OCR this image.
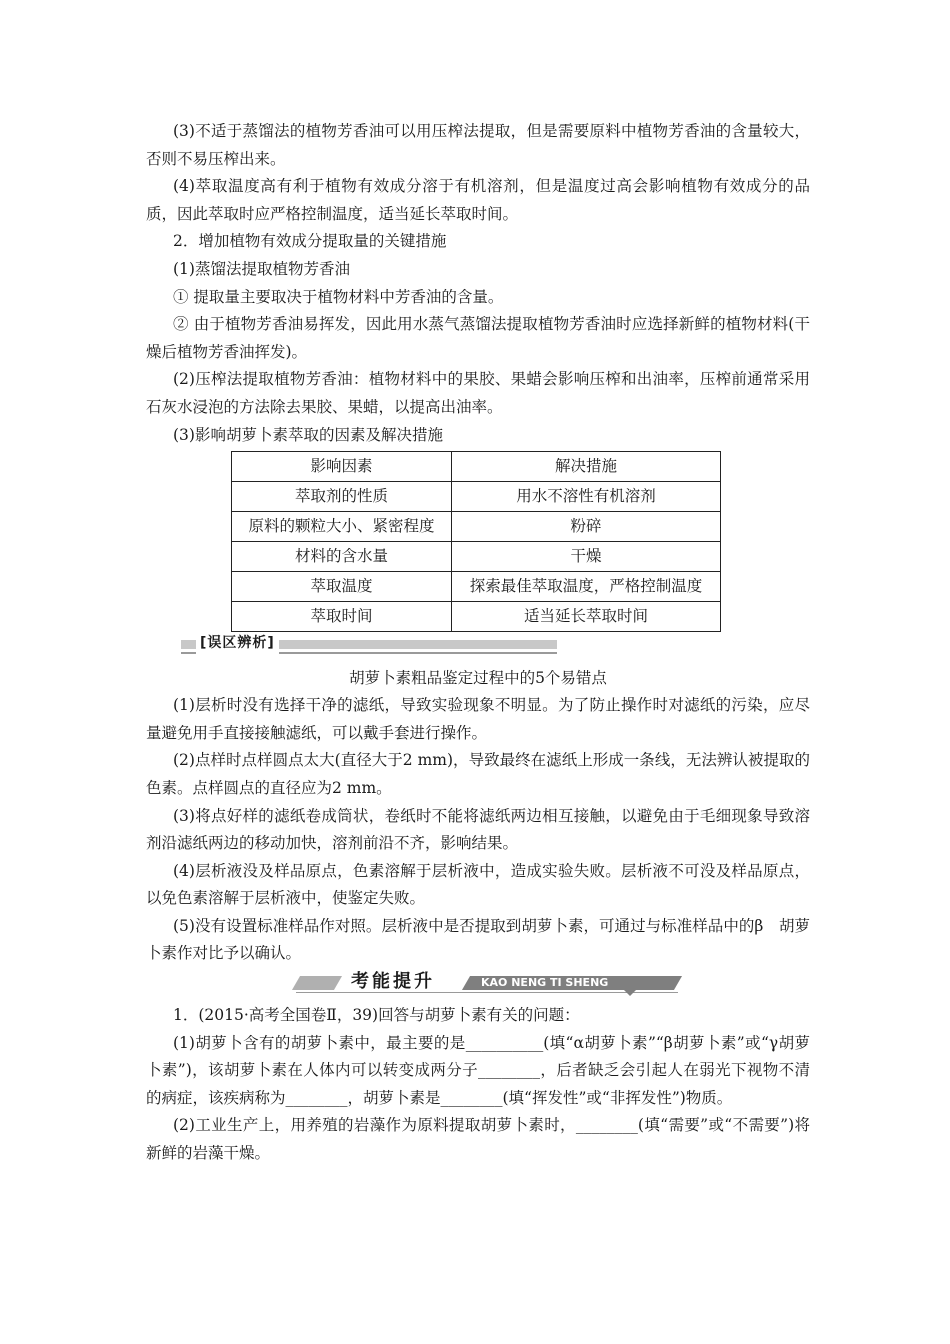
(3)不适于蒸馏法的植物芳香油可以用压榨法提取，但是需要原料中植物芳香油的含量较大，否则不易压榨出来。

(4)萃取温度高有利于植物有效成分溶于有机溶剂，但是温度过高会影响植物有效成分的品质，因此萃取时应严格控制温度，适当延长萃取时间。

2．增加植物有效成分提取量的关键措施

(1)蒸馏法提取植物芳香油

① 提取量主要取决于植物材料中芳香油的含量。

② 由于植物芳香油易挥发，因此用水蒸气蒸馏法提取植物芳香油时应选择新鲜的植物材料(干燥后植物芳香油挥发)。

(2)压榨法提取植物芳香油：植物材料中的果胶、果蜡会影响压榨和出油率，压榨前通常采用石灰水浸泡的方法除去果胶、果蜡，以提高出油率。

(3)影响胡萝卜素萃取的因素及解决措施

影响因素	解决措施
萃取剂的性质	用水不溶性有机溶剂
原料的颗粒大小、紧密程度	粉碎
材料的含水量	干燥
萃取温度	探索最佳萃取温度，严格控制温度
萃取时间	适当延长萃取时间
[误区辨析]

胡萝卜素粗品鉴定过程中的5个易错点

(1)层析时没有选择干净的滤纸，导致实验现象不明显。为了防止操作时对滤纸的污染，应尽量避免用手直接接触滤纸，可以戴手套进行操作。

(2)点样时点样圆点太大(直径大于2 mm)，导致最终在滤纸上形成一条线，无法辨认被提取的色素。点样圆点的直径应为2 mm。

(3)将点好样的滤纸卷成筒状，卷纸时不能将滤纸两边相互接触，以避免由于毛细现象导致溶剂沿滤纸两边的移动加快，溶剂前沿不齐，影响结果。

(4)层析液没及样品原点，色素溶解于层析液中，造成实验失败。层析液不可没及样品原点，以免色素溶解于层析液中，使鉴定失败。

(5)没有设置标准样品作对照。层析液中是否提取到胡萝卜素，可通过与标准样品中的β　胡萝卜素作对比予以确认。

考能提升	KAO NENG TI SHENG

1．(2015·高考全国卷Ⅱ，39)回答与胡萝卜素有关的问题：

(1)胡萝卜含有的胡萝卜素中，最主要的是__________(填“α胡萝卜素”“β胡萝卜素”或“γ胡萝卜素”)，该胡萝卜素在人体内可以转变成两分子________，后者缺乏会引起人在弱光下视物不清的病症，该疾病称为________，胡萝卜素是________(填“挥发性”或“非挥发性”)物质。

(2)工业生产上，用养殖的岩藻作为原料提取胡萝卜素时，________(填“需要”或“不需要”)将新鲜的岩藻干燥。
